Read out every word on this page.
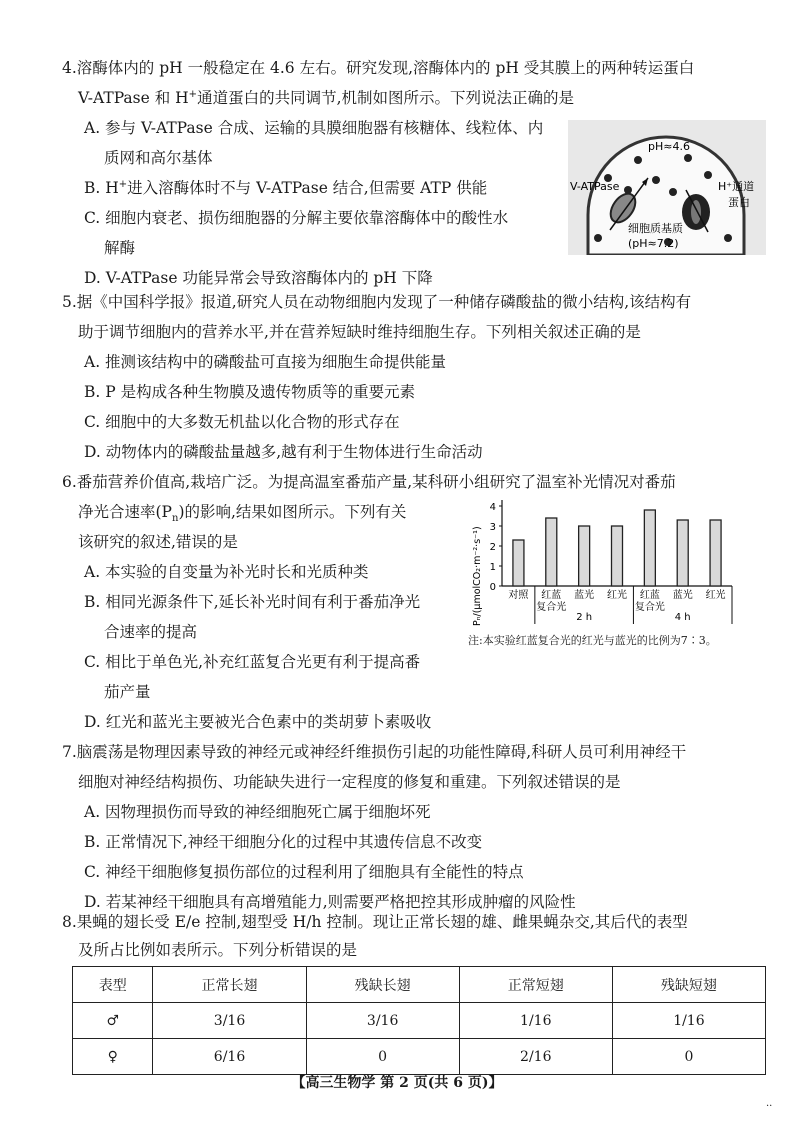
4.溶酶体内的 pH 一般稳定在 4.6 左右。研究发现,溶酶体内的 pH 受其膜上的两种转运蛋白
V-ATPase 和 H+通道蛋白的共同调节,机制如图所示。下列说法正确的是
A. 参与 V-ATPase 合成、运输的具膜细胞器有核糖体、线粒体、内
质网和高尔基体
B. H+进入溶酶体时不与 V-ATPase 结合,但需要 ATP 供能
C. 细胞内衰老、损伤细胞器的分解主要依靠溶酶体中的酸性水
解酶
D. V-ATPase 功能异常会导致溶酶体内的 pH 下降
pH≈4.6
V-ATPase	H⁺通道
蛋白
细胞质基质
(pH≈7.2)
5.据《中国科学报》报道,研究人员在动物细胞内发现了一种储存磷酸盐的微小结构,该结构有
助于调节细胞内的营养水平,并在营养短缺时维持细胞生存。下列相关叙述正确的是
A. 推测该结构中的磷酸盐可直接为细胞生命提供能量
B. P 是构成各种生物膜及遗传物质等的重要元素
C. 细胞中的大多数无机盐以化合物的形式存在
D. 动物体内的磷酸盐量越多,越有利于生物体进行生命活动
6.番茄营养价值高,栽培广泛。为提高温室番茄产量,某科研小组研究了温室补光情况对番茄
净光合速率$(P_n)$的影响,结果如图所示。下列有关
该研究的叙述,错误的是
A. 本实验的自变量为补光时长和光质种类
B. 相同光源条件下,延长补光时间有利于番茄净光
合速率的提高
C. 相比于单色光,补充红蓝复合光更有利于提高番
茄产量
D. 红光和蓝光主要被光合色素中的类胡萝卜素吸收
0
1
2
3
4
Pₙ/(μmolCO₂·m⁻²·s⁻¹)	对照 红蓝
复合光
蓝光 红光 红蓝
复合光
蓝光 红光
2 h	4 h
注:本实验红蓝复合光的红光与蓝光的比例为7∶3。
7.脑震荡是物理因素导致的神经元或神经纤维损伤引起的功能性障碍,科研人员可利用神经干
细胞对神经结构损伤、功能缺失进行一定程度的修复和重建。下列叙述错误的是
A. 因物理损伤而导致的神经细胞死亡属于细胞坏死
B. 正常情况下,神经干细胞分化的过程中其遗传信息不改变
C. 神经干细胞修复损伤部位的过程利用了细胞具有全能性的特点
D. 若某神经干细胞具有高增殖能力,则需要严格把控其形成肿瘤的风险性
8.果蝇的翅长受 E/e 控制,翅型受 H/h 控制。现让正常长翅的雄、雌果蝇杂交,其后代的表型
及所占比例如表所示。下列分析错误的是
表型	正常长翅	残缺长翅	正常短翅	残缺短翅
♂	3/16	3/16	1/16	1/16
♀	6/16	0	2/16	0
【高三生物学 第 2 页(共 6 页)】
..
